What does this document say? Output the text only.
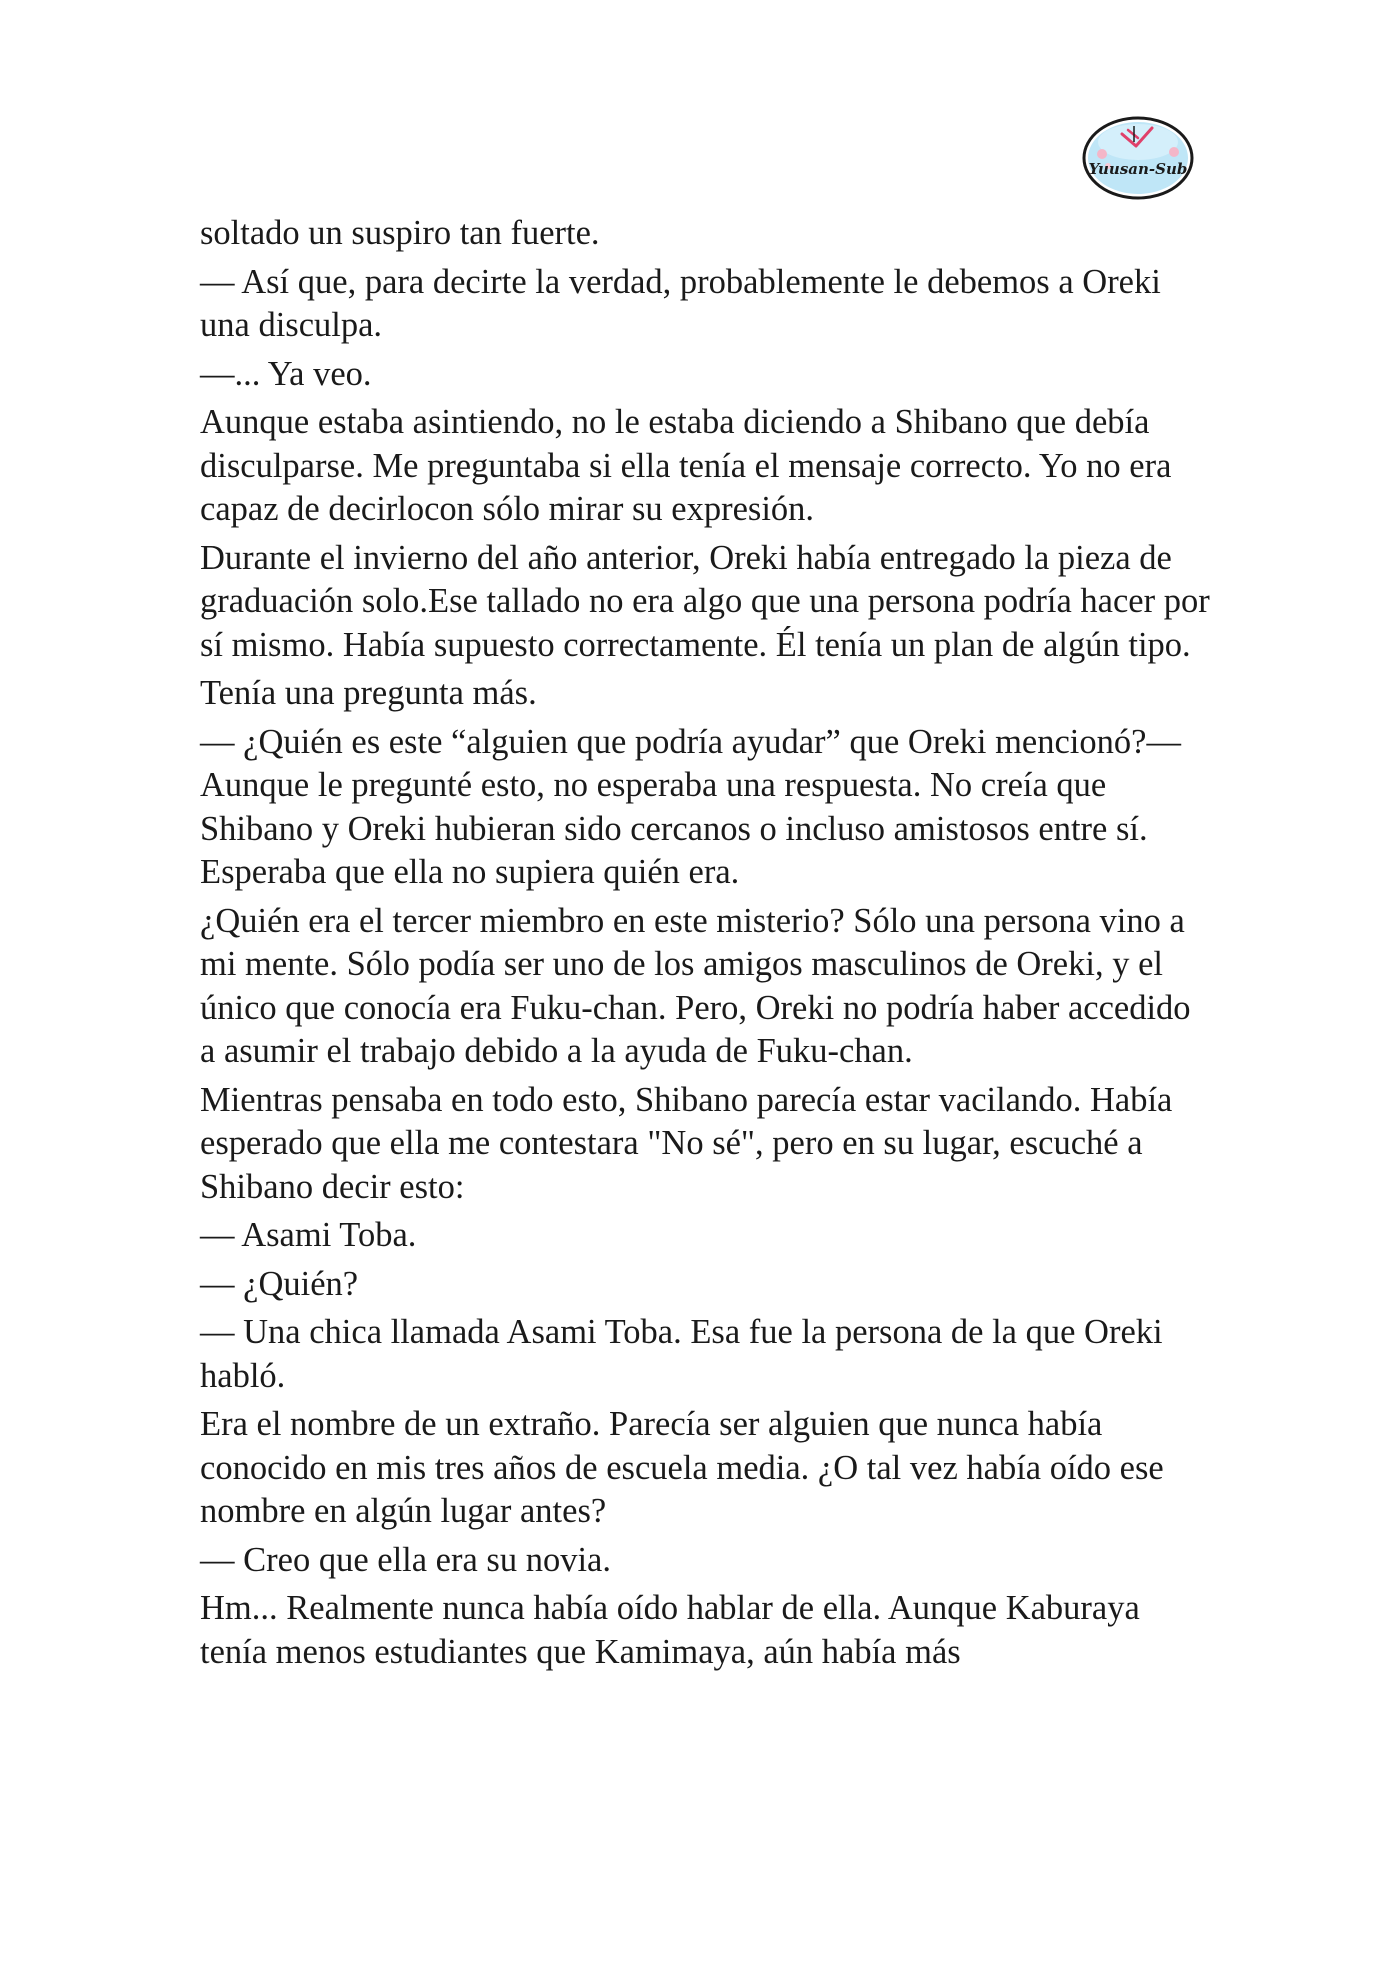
Yuusan-Sub

soltado un suspiro tan fuerte.

— Así que, para decirte la verdad, probablemente le debemos a Oreki una disculpa.

—... Ya veo.

Aunque estaba asintiendo, no le estaba diciendo a Shibano que debía disculparse. Me preguntaba si ella tenía el mensaje correcto. Yo no era capaz de decirlocon sólo mirar su expresión.

Durante el invierno del año anterior, Oreki había entregado la pieza de graduación solo.Ese tallado no era algo que una persona podría hacer por sí mismo. Había supuesto correctamente. Él tenía un plan de algún tipo.

Tenía una pregunta más.

— ¿Quién es este “alguien que podría ayudar” que Oreki mencionó?— Aunque le pregunté esto, no esperaba una respuesta. No creía que Shibano y Oreki hubieran sido cercanos o incluso amistosos entre sí. Esperaba que ella no supiera quién era.

¿Quién era el tercer miembro en este misterio? Sólo una persona vino a mi mente. Sólo podía ser uno de los amigos masculinos de Oreki, y el único que conocía era Fuku-chan. Pero, Oreki no podría haber accedido a asumir el trabajo debido a la ayuda de Fuku-chan.

Mientras pensaba en todo esto, Shibano parecía estar vacilando. Había esperado que ella me contestara "No sé", pero en su lugar, escuché a Shibano decir esto:

— Asami Toba.

— ¿Quién?

— Una chica llamada Asami Toba. Esa fue la persona de la que Oreki habló.

Era el nombre de un extraño. Parecía ser alguien que nunca había conocido en mis tres años de escuela media. ¿O tal vez había oído ese nombre en algún lugar antes?

— Creo que ella era su novia.

Hm... Realmente nunca había oído hablar de ella. Aunque Kaburaya tenía menos estudiantes que Kamimaya, aún había más
